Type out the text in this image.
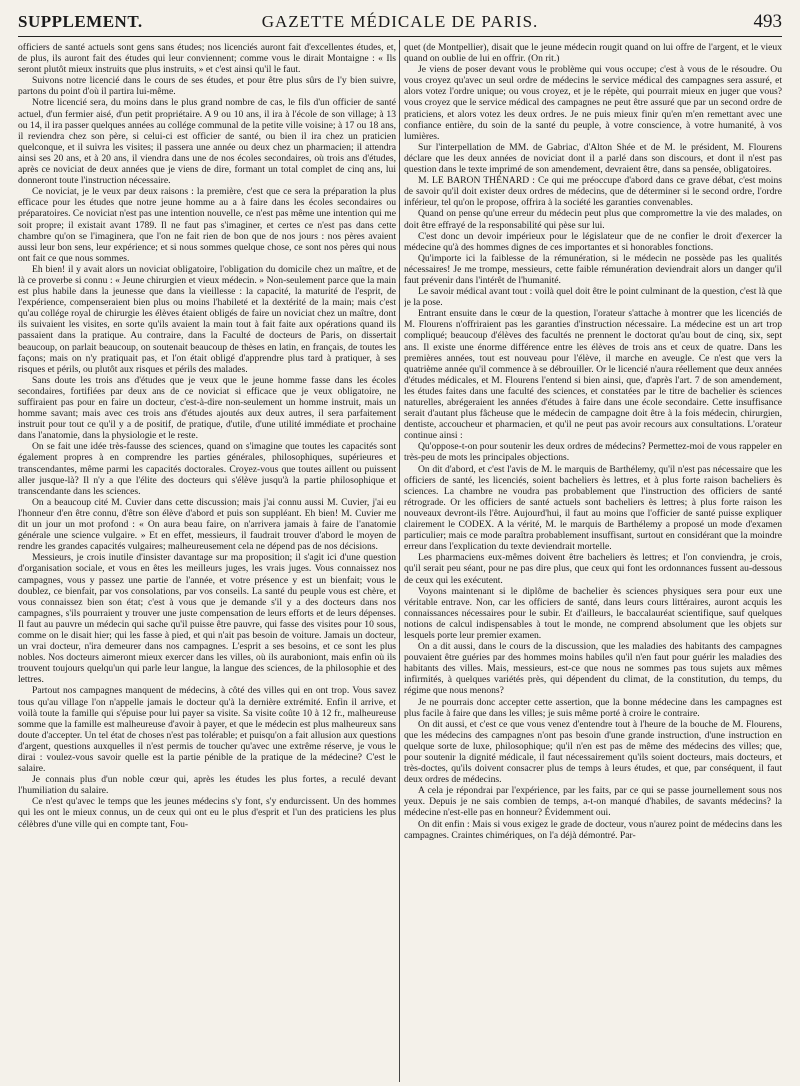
SUPPLEMENT.	GAZETTE MÉDICALE DE PARIS.	493

officiers de santé actuels sont gens sans études; nos licenciés auront fait d'excellentes études, et, de plus, ils auront fait des études qui leur conviennent; comme vous le dirait Montaigne : « Ils seront plutôt mieux instruits que plus instruits, » et c'est ainsi qu'il le faut.

Suivons notre licencié dans le cours de ses études, et pour être plus sûrs de l'y bien suivre, partons du point d'où il partira lui-même.

Notre licencié sera, du moins dans le plus grand nombre de cas, le fils d'un officier de santé actuel, d'un fermier aisé, d'un petit propriétaire. A 9 ou 10 ans, il ira à l'école de son village; à 13 ou 14, il ira passer quelques années au collége communal de la petite ville voisine; à 17 ou 18 ans, il reviendra chez son père, si celui-ci est officier de santé, ou bien il ira chez un praticien quelconque, et il suivra les visites; il passera une année ou deux chez un pharmacien; il attendra ainsi ses 20 ans, et à 20 ans, il viendra dans une de nos écoles secondaires, où trois ans d'études, après ce noviciat de deux années que je viens de dire, formant un total complet de cinq ans, lui donneront toute l'instruction nécessaire.

Ce noviciat, je le veux par deux raisons : la première, c'est que ce sera la préparation la plus efficace pour les études que notre jeune homme au a à faire dans les écoles secondaires ou préparatoires. Ce noviciat n'est pas une intention nouvelle, ce n'est pas même une intention qui me soit propre; il existait avant 1789. Il ne faut pas s'imaginer, et certes ce n'est pas dans cette chambre qu'on se l'imaginera, que l'on ne fait rien de bon que de nos jours : nos pères avaient aussi leur bon sens, leur expérience; et si nous sommes quelque chose, ce sont nos pères qui nous ont fait ce que nous sommes.

Eh bien! il y avait alors un noviciat obligatoire, l'obligation du domicile chez un maître, et de là ce proverbe si connu : « Jeune chirurgien et vieux médecin. » Non-seulement parce que la main est plus habile dans la jeunesse que dans la vieillesse : la capacité, la maturité de l'esprit, de l'expérience, compenseraient bien plus ou moins l'habileté et la dextérité de la main; mais c'est qu'au collége royal de chirurgie les élèves étaient obligés de faire un noviciat chez un maître, dont ils suivaient les visites, en sorte qu'ils avaient la main tout à fait faite aux opérations quand ils passaient dans la pratique. Au contraire, dans la Faculté de docteurs de Paris, on dissertait beaucoup, on parlait beaucoup, on soutenait beaucoup de thèses en latin, en français, de toutes les façons; mais on n'y pratiquait pas, et l'on était obligé d'apprendre plus tard à pratiquer, à ses risques et périls, ou plutôt aux risques et périls des malades.

Sans doute les trois ans d'études que je veux que le jeune homme fasse dans les écoles secondaires, fortifiées par deux ans de ce noviciat si efficace que je veux obligatoire, ne suffiraient pas pour en faire un docteur, c'est-à-dire non-seulement un homme instruit, mais un homme savant; mais avec ces trois ans d'études ajoutés aux deux autres, il sera parfaitement instruit pour tout ce qu'il y a de positif, de pratique, d'utile, d'une utilité immédiate et prochaine dans l'anatomie, dans la physiologie et le reste.

On se fait une idée très-fausse des sciences, quand on s'imagine que toutes les capacités sont également propres à en comprendre les parties générales, philosophiques, supérieures et transcendantes, même parmi les capacités doctorales. Croyez-vous que toutes aillent ou puissent aller jusque-là? Il n'y a que l'élite des docteurs qui s'élève jusqu'à la partie philosophique et transcendante dans les sciences.

On a beaucoup cité M. Cuvier dans cette discussion; mais j'ai connu aussi M. Cuvier, j'ai eu l'honneur d'en être connu, d'être son élève d'abord et puis son suppléant. Eh bien! M. Cuvier me dit un jour un mot profond : « On aura beau faire, on n'arrivera jamais à faire de l'anatomie générale une science vulgaire. » Et en effet, messieurs, il faudrait trouver d'abord le moyen de rendre les grandes capacités vulgaires; malheureusement cela ne dépend pas de nos décisions.

Messieurs, je crois inutile d'insister davantage sur ma proposition; il s'agit ici d'une question d'organisation sociale, et vous en êtes les meilleurs juges, les vrais juges. Vous connaissez nos campagnes, vous y passez une partie de l'année, et votre présence y est un bienfait; vous le doublez, ce bienfait, par vos consolations, par vos conseils. La santé du peuple vous est chère, et vous connaissez bien son état; c'est à vous que je demande s'il y a des docteurs dans nos campagnes, s'ils pourraient y trouver une juste compensation de leurs efforts et de leurs dépenses. Il faut au pauvre un médecin qui sache qu'il puisse être pauvre, qui fasse des visites pour 10 sous, comme on le disait hier; qui les fasse à pied, et qui n'ait pas besoin de voiture. Jamais un docteur, un vrai docteur, n'ira demeurer dans nos campagnes. L'esprit a ses besoins, et ce sont les plus nobles. Nos docteurs aimeront mieux exercer dans les villes, où ils auraboniont, mais enfin où ils trouvent toujours quelqu'un qui parle leur langue, la langue des sciences, de la philosophie et des lettres.

Partout nos campagnes manquent de médecins, à côté des villes qui en ont trop. Vous savez tous qu'au village l'on n'appelle jamais le docteur qu'à la dernière extrémité. Enfin il arrive, et voilà toute la famille qui s'épuise pour lui payer sa visite. Sa visite coûte 10 à 12 fr., malheureuse somme que la famille est malheureuse d'avoir à payer, et que le médecin est plus malheureux sans doute d'accepter. Un tel état de choses n'est pas tolérable; et puisqu'on a fait allusion aux questions d'argent, questions auxquelles il n'est permis de toucher qu'avec une extrême réserve, je vous le dirai : voulez-vous savoir quelle est la partie pénible de la pratique de la médecine? C'est le salaire.

Je connais plus d'un noble cœur qui, après les études les plus fortes, a reculé devant l'humiliation du salaire.

Ce n'est qu'avec le temps que les jeunes médecins s'y font, s'y endurcissent. Un des hommes qui les ont le mieux connus, un de ceux qui ont eu le plus d'esprit et l'un des praticiens les plus célèbres d'une ville qui en compte tant, Fou-

quet (de Montpellier), disait que le jeune médecin rougit quand on lui offre de l'argent, et le vieux quand on oublie de lui en offrir. (On rit.)

Je viens de poser devant vous le problème qui vous occupe; c'est à vous de le résoudre. Ou vous croyez qu'avec un seul ordre de médecins le service médical des campagnes sera assuré, et alors votez l'ordre unique; ou vous croyez, et je le répète, qui pourrait mieux en juger que vous? vous croyez que le service médical des campagnes ne peut être assuré que par un second ordre de praticiens, et alors votez les deux ordres. Je ne puis mieux finir qu'en m'en remettant avec une confiance entière, du soin de la santé du peuple, à votre conscience, à votre humanité, à vos lumières.

Sur l'interpellation de MM. de Gabriac, d'Alton Shée et de M. le président, M. Flourens déclare que les deux années de noviciat dont il a parlé dans son discours, et dont il n'est pas question dans le texte imprimé de son amendement, devraient être, dans sa pensée, obligatoires.

M. LE BARON THÉNARD : Ce qui me préoccupe d'abord dans ce grave débat, c'est moins de savoir qu'il doit exister deux ordres de médecins, que de déterminer si le second ordre, l'ordre inférieur, tel qu'on le propose, offrira à la société les garanties convenables.

Quand on pense qu'une erreur du médecin peut plus que compromettre la vie des malades, on doit être effrayé de la responsabilité qui pèse sur lui.

C'est donc un devoir impérieux pour le législateur que de ne confier le droit d'exercer la médecine qu'à des hommes dignes de ces importantes et si honorables fonctions.

Qu'importe ici la faiblesse de la rémunération, si le médecin ne possède pas les qualités nécessaires! Je me trompe, messieurs, cette faible rémunération deviendrait alors un danger qu'il faut prévenir dans l'intérêt de l'humanité.

Le savoir médical avant tout : voilà quel doit être le point culminant de la question, c'est là que je la pose.

Entrant ensuite dans le cœur de la question, l'orateur s'attache à montrer que les licenciés de M. Flourens n'offriraient pas les garanties d'instruction nécessaire. La médecine est un art trop compliqué; beaucoup d'élèves des facultés ne prennent le doctorat qu'au bout de cinq, six, sept ans. Il existe une énorme différence entre les élèves de trois ans et ceux de quatre. Dans les premières années, tout est nouveau pour l'élève, il marche en aveugle. Ce n'est que vers la quatrième année qu'il commence à se débrouiller. Or le licencié n'aura réellement que deux années d'études médicales, et M. Flourens l'entend si bien ainsi, que, d'après l'art. 7 de son amendement, les études faites dans une faculté des sciences, et constatées par le titre de bachelier ès sciences naturelles, abrégeraient les années d'études à faire dans une école secondaire. Cette insuffisance serait d'autant plus fâcheuse que le médecin de campagne doit être à la fois médecin, chirurgien, dentiste, accoucheur et pharmacien, et qu'il ne peut pas avoir recours aux consultations. L'orateur continue ainsi :

Qu'oppose-t-on pour soutenir les deux ordres de médecins? Permettez-moi de vous rappeler en très-peu de mots les principales objections.

On dit d'abord, et c'est l'avis de M. le marquis de Barthélemy, qu'il n'est pas nécessaire que les officiers de santé, les licenciés, soient bacheliers ès lettres, et à plus forte raison bacheliers ès sciences. La chambre ne voudra pas probablement que l'instruction des officiers de santé rétrograde. Or les officiers de santé actuels sont bacheliers ès lettres; à plus forte raison les nouveaux devront-ils l'être. Aujourd'hui, il faut au moins que l'officier de santé puisse expliquer clairement le CODEX. A la vérité, M. le marquis de Barthélemy a proposé un mode d'examen particulier; mais ce mode paraîtra probablement insuffisant, surtout en considérant que la moindre erreur dans l'explication du texte deviendrait mortelle.

Les pharmaciens eux-mêmes doivent être bacheliers ès lettres; et l'on conviendra, je crois, qu'il serait peu séant, pour ne pas dire plus, que ceux qui font les ordonnances fussent au-dessous de ceux qui les exécutent.

Voyons maintenant si le diplôme de bachelier ès sciences physiques sera pour eux une véritable entrave. Non, car les officiers de santé, dans leurs cours littéraires, auront acquis les connaissances nécessaires pour le subir. Et d'ailleurs, le baccalauréat scientifique, sauf quelques notions de calcul indispensables à tout le monde, ne comprend absolument que les objets sur lesquels porte leur premier examen.

On a dit aussi, dans le cours de la discussion, que les maladies des habitants des campagnes pouvaient être guéries par des hommes moins habiles qu'il n'en faut pour guérir les maladies des habitants des villes. Mais, messieurs, est-ce que nous ne sommes pas tous sujets aux mêmes infirmités, à quelques variétés près, qui dépendent du climat, de la constitution, du temps, du régime que nous menons?

Je ne pourrais donc accepter cette assertion, que la bonne médecine dans les campagnes est plus facile à faire que dans les villes; je suis même porté à croire le contraire.

On dit aussi, et c'est ce que vous venez d'entendre tout à l'heure de la bouche de M. Flourens, que les médecins des campagnes n'ont pas besoin d'une grande instruction, d'une instruction en quelque sorte de luxe, philosophique; qu'il n'en est pas de même des médecins des villes; que, pour soutenir la dignité médicale, il faut nécessairement qu'ils soient docteurs, mais docteurs, et très-doctes, qu'ils doivent consacrer plus de temps à leurs études, et que, par conséquent, il faut deux ordres de médecins.

A cela je répondrai par l'expérience, par les faits, par ce qui se passe journellement sous nos yeux. Depuis je ne sais combien de temps, a-t-on manqué d'habiles, de savants médecins? la médecine n'est-elle pas en honneur? Évidemment oui.

On dit enfin : Mais si vous exigez le grade de docteur, vous n'aurez point de médecins dans les campagnes. Craintes chimériques, on l'a déjà démontré. Par-
